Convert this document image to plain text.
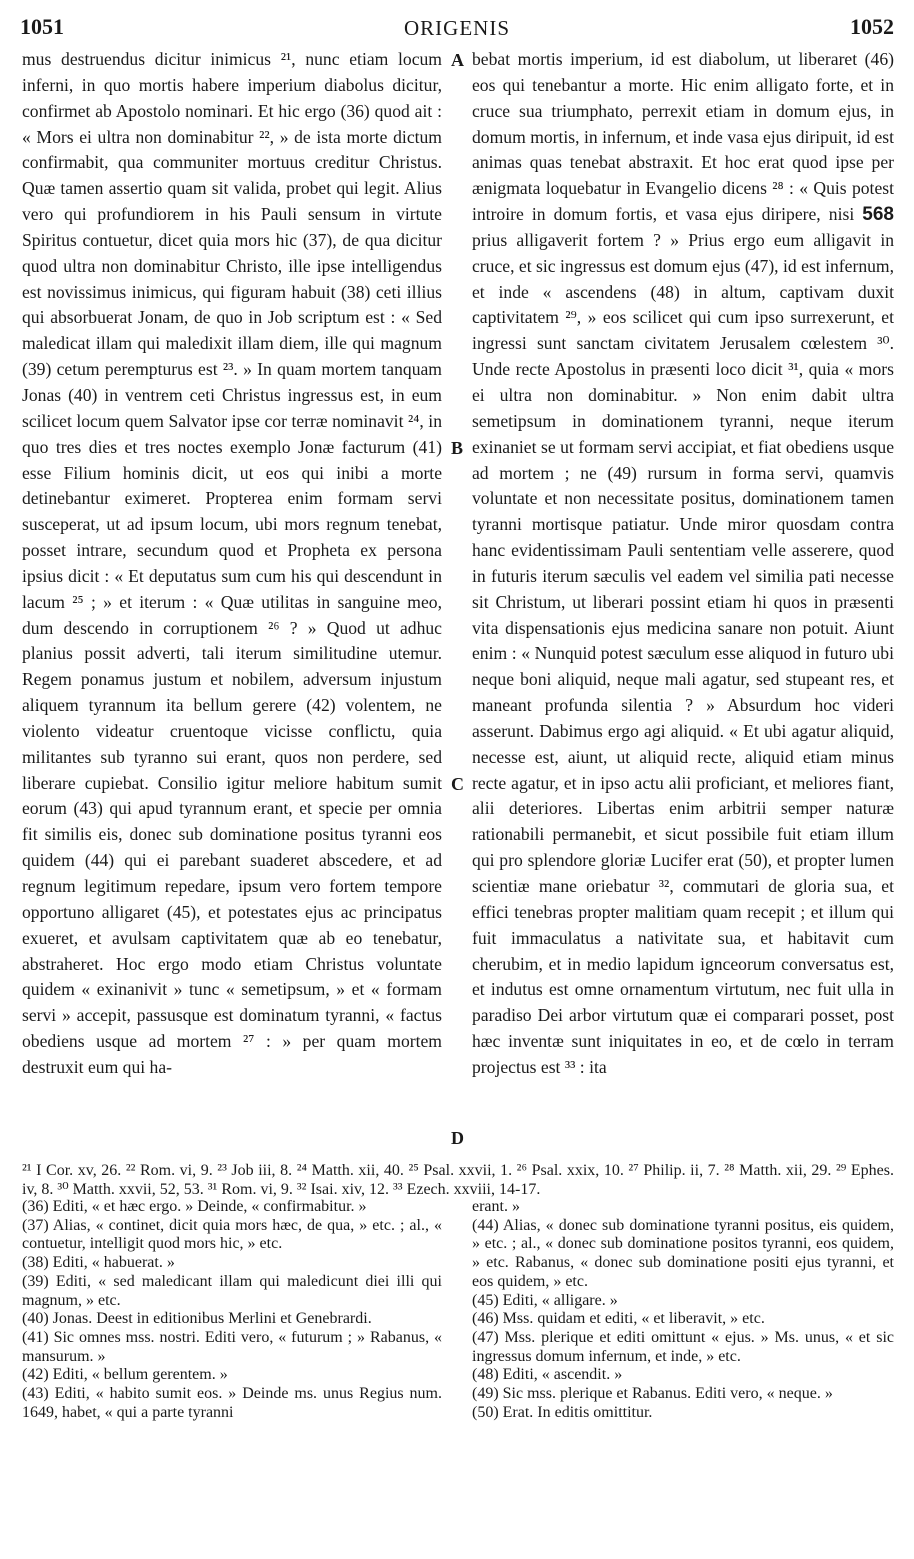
1051	ORIGENIS	1052

mus destruendus dicitur inimicus ²¹, nunc etiam locum inferni, in quo mortis habere imperium diabolus dicitur, confirmet ab Apostolo nominari. Et hic ergo (36) quod ait : « Mors ei ultra non dominabitur ²², » de ista morte dictum confirmabit, qua communiter mortuus creditur Christus. Quæ tamen assertio quam sit valida, probet qui legit. Alius vero qui profundiorem in his Pauli sensum in virtute Spiritus contuetur, dicet quia mors hic (37), de qua dicitur quod ultra non dominabitur Christo, ille ipse intelligendus est novissimus inimicus, qui figuram habuit (38) ceti illius qui absorbuerat Jonam, de quo in Job scriptum est : « Sed maledicat illam qui maledixit illam diem, ille qui magnum (39) cetum perempturus est ²³. » In quam mortem tanquam Jonas (40) in ventrem ceti Christus ingressus est, in eum scilicet locum quem Salvator ipse cor terræ nominavit ²⁴, in quo tres dies et tres noctes exemplo Jonæ facturum (41) esse Filium hominis dicit, ut eos qui inibi a morte detinebantur eximeret. Propterea enim formam servi susceperat, ut ad ipsum locum, ubi mors regnum tenebat, posset intrare, secundum quod et Propheta ex persona ipsius dicit : « Et deputatus sum cum his qui descendunt in lacum ²⁵ ; » et iterum : « Quæ utilitas in sanguine meo, dum descendo in corruptionem ²⁶ ? » Quod ut adhuc planius possit adverti, tali iterum similitudine utemur. Regem ponamus justum et nobilem, adversum injustum aliquem tyrannum ita bellum gerere (42) volentem, ne violento videatur cruentoque vicisse conflictu, quia militantes sub tyranno sui erant, quos non perdere, sed liberare cupiebat. Consilio igitur meliore habitum sumit eorum (43) qui apud tyrannum erant, et specie per omnia fit similis eis, donec sub dominatione positus tyranni eos quidem (44) qui ei parebant suaderet abscedere, et ad regnum legitimum repedare, ipsum vero fortem tempore opportuno alligaret (45), et potestates ejus ac principatus exueret, et avulsam captivitatem quæ ab eo tenebatur, abstraheret. Hoc ergo modo etiam Christus voluntate quidem « exinanivit » tunc « semetipsum, » et « formam servi » accepit, passusque est dominatum tyranni, « factus obediens usque ad mortem ²⁷ : » per quam mortem destruxit eum qui ha-

A
B
C
D

bebat mortis imperium, id est diabolum, ut liberaret (46) eos qui tenebantur a morte. Hic enim alligato forte, et in cruce sua triumphato, perrexit etiam in domum ejus, in domum mortis, in infernum, et inde vasa ejus diripuit, id est animas quas tenebat abstraxit. Et hoc erat quod ipse per ænigmata loquebatur in Evangelio dicens ²⁸ : « Quis potest introire in domum fortis, et vasa ejus diripere, nisi 568 prius alligaverit fortem ? » Prius ergo eum alligavit in cruce, et sic ingressus est domum ejus (47), id est infernum, et inde « ascendens (48) in altum, captivam duxit captivitatem ²⁹, » eos scilicet qui cum ipso surrexerunt, et ingressi sunt sanctam civitatem Jerusalem cœlestem ³⁰. Unde recte Apostolus in præsenti loco dicit ³¹, quia « mors ei ultra non dominabitur. » Non enim dabit ultra semetipsum in dominationem tyranni, neque iterum exinaniet se ut formam servi accipiat, et fiat obediens usque ad mortem ; ne (49) rursum in forma servi, quamvis voluntate et non necessitate positus, dominationem tamen tyranni mortisque patiatur. Unde miror quosdam contra hanc evidentissimam Pauli sententiam velle asserere, quod in futuris iterum sæculis vel eadem vel similia pati necesse sit Christum, ut liberari possint etiam hi quos in præsenti vita dispensationis ejus medicina sanare non potuit. Aiunt enim : « Nunquid potest sæculum esse aliquod in futuro ubi neque boni aliquid, neque mali agatur, sed stupeant res, et maneant profunda silentia ? » Absurdum hoc videri asserunt. Dabimus ergo agi aliquid. « Et ubi agatur aliquid, necesse est, aiunt, ut aliquid recte, aliquid etiam minus recte agatur, et in ipso actu alii proficiant, et meliores fiant, alii deteriores. Libertas enim arbitrii semper naturæ rationabili permanebit, et sicut possibile fuit etiam illum qui pro splendore gloriæ Lucifer erat (50), et propter lumen scientiæ mane oriebatur ³², commutari de gloria sua, et effici tenebras propter malitiam quam recepit ; et illum qui fuit immaculatus a nativitate sua, et habitavit cum cherubim, et in medio lapidum ignceorum conversatus est, et indutus est omne ornamentum virtutum, nec fuit ulla in paradiso Dei arbor virtutum quæ ei comparari posset, post hæc inventæ sunt iniquitates in eo, et de cœlo in terram projectus est ³³ : ita

²¹ I Cor. xv, 26. ²² Rom. vi, 9. ²³ Job iii, 8. ²⁴ Matth. xii, 40. ²⁵ Psal. xxvii, 1. ²⁶ Psal. xxix, 10. ²⁷ Philip. ii, 7. ²⁸ Matth. xii, 29. ²⁹ Ephes. iv, 8. ³⁰ Matth. xxvii, 52, 53. ³¹ Rom. vi, 9. ³² Isai. xiv, 12. ³³ Ezech. xxviii, 14-17.
(36) Editi, « et hæc ergo. » Deinde, « confirmabitur. »
(37) Alias, « continet, dicit quia mors hæc, de qua, » etc. ; al., « contuetur, intelligit quod mors hic, » etc.
(38) Editi, « habuerat. »
(39) Editi, « sed maledicant illam qui maledicunt diei illi qui magnum, » etc.
(40) Jonas. Deest in editionibus Merlini et Genebrardi.
(41) Sic omnes mss. nostri. Editi vero, « futurum ; » Rabanus, « mansurum. »
(42) Editi, « bellum gerentem. »
(43) Editi, « habito sumit eos. » Deinde ms. unus Regius num. 1649, habet, « qui a parte tyranni
erant. »
(44) Alias, « donec sub dominatione tyranni positus, eis quidem, » etc. ; al., « donec sub dominatione positos tyranni, eos quidem, » etc. Rabanus, « donec sub dominatione positi ejus tyranni, et eos quidem, » etc.
(45) Editi, « alligare. »
(46) Mss. quidam et editi, « et liberavit, » etc.
(47) Mss. plerique et editi omittunt « ejus. » Ms. unus, « et sic ingressus domum infernum, et inde, » etc.
(48) Editi, « ascendit. »
(49) Sic mss. plerique et Rabanus. Editi vero, « neque. »
(50) Erat. In editis omittitur.
